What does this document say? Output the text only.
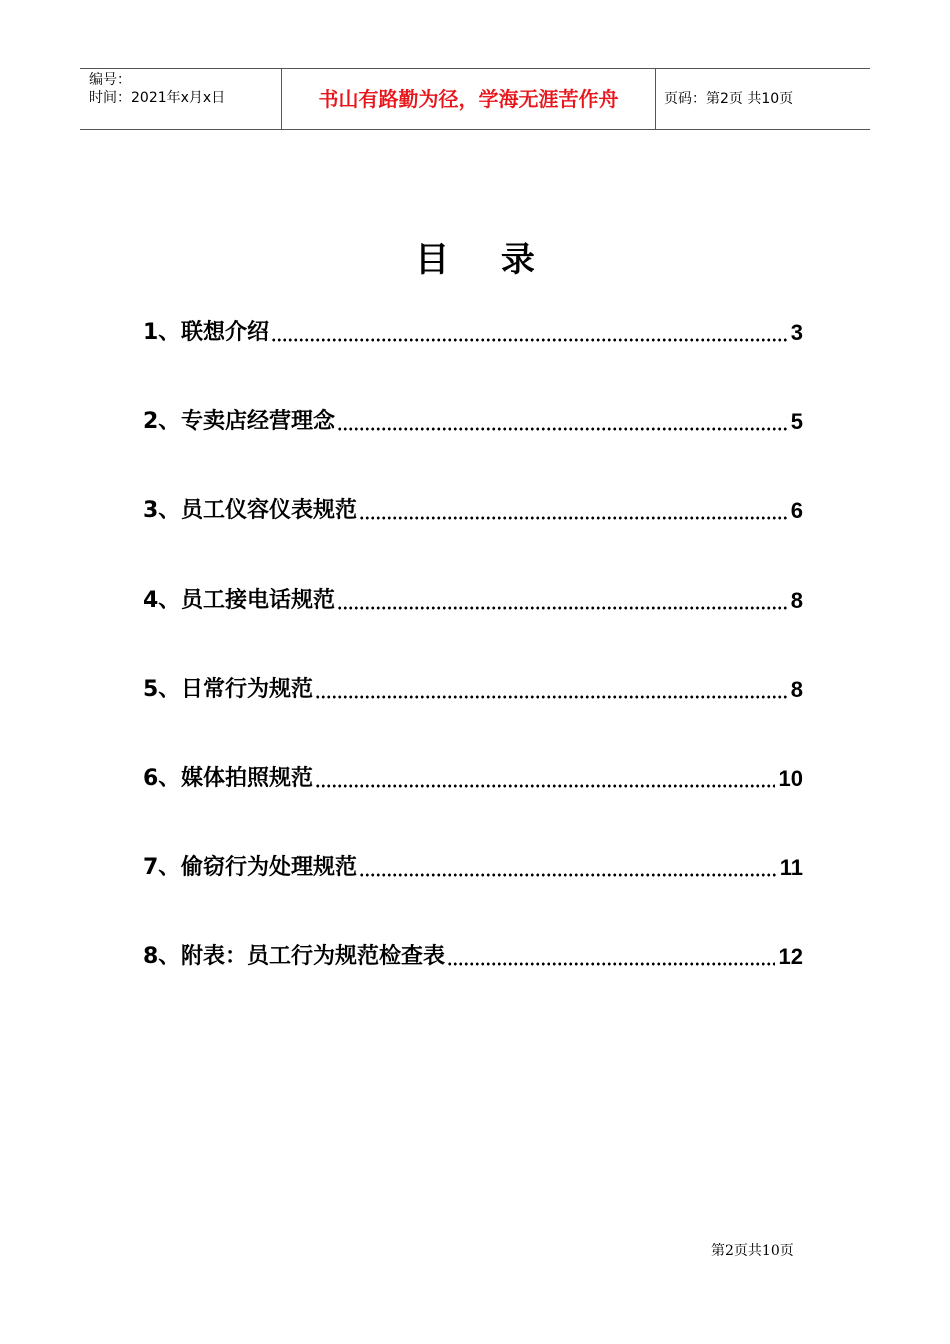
编号：
时间：2021年x月x日	书山有路勤为径，学海无涯苦作舟	页码：第2页 共10页
目 录
1、 联想介绍	3
2、 专卖店经营理念	5
3、 员工仪容仪表规范	6
4、 员工接电话规范	8
5、 日常行为规范	8
6、 媒体拍照规范	10
7、 偷窃行为处理规范	11
8、 附表：员工行为规范检查表	12
第2页共10页
